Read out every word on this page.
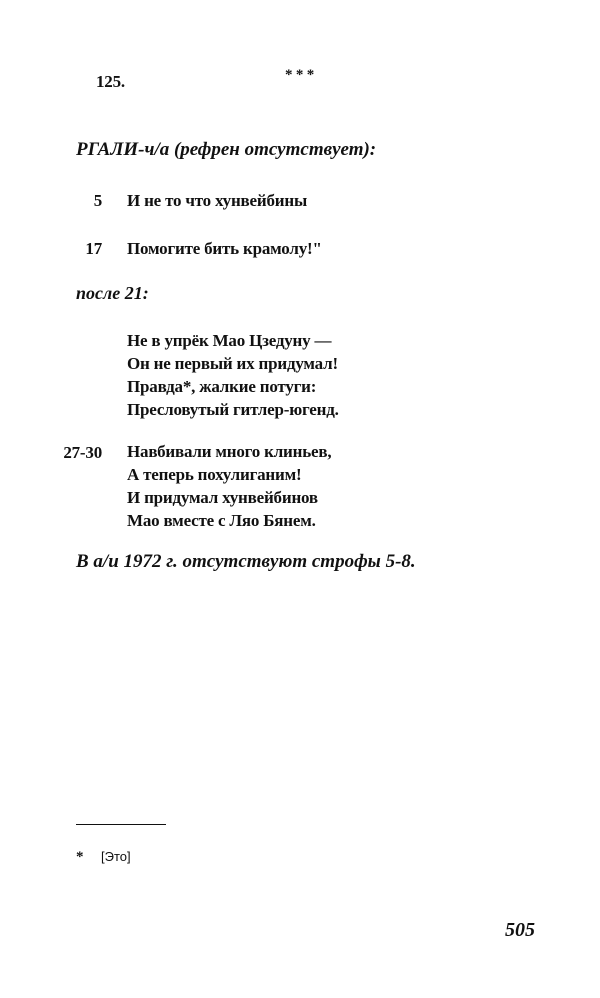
125.	* * *
РГАЛИ-ч/а (рефрен отсутствует):
5 И не то что хунвейбины
17 Помогите бить крамолу!"
после 21:
Не в упрёк Мао Цзедуну —
Он не первый их придумал!
Правда*, жалкие потуги:
Пресловутый гитлер-югенд.
27-30 Навбивали много клиньев,
А теперь похулиганим!
И придумал хунвейбинов
Мао вместе с Ляо Бянем.
В а/и 1972 г. отсутствуют строфы 5-8.
* [Это]
505
